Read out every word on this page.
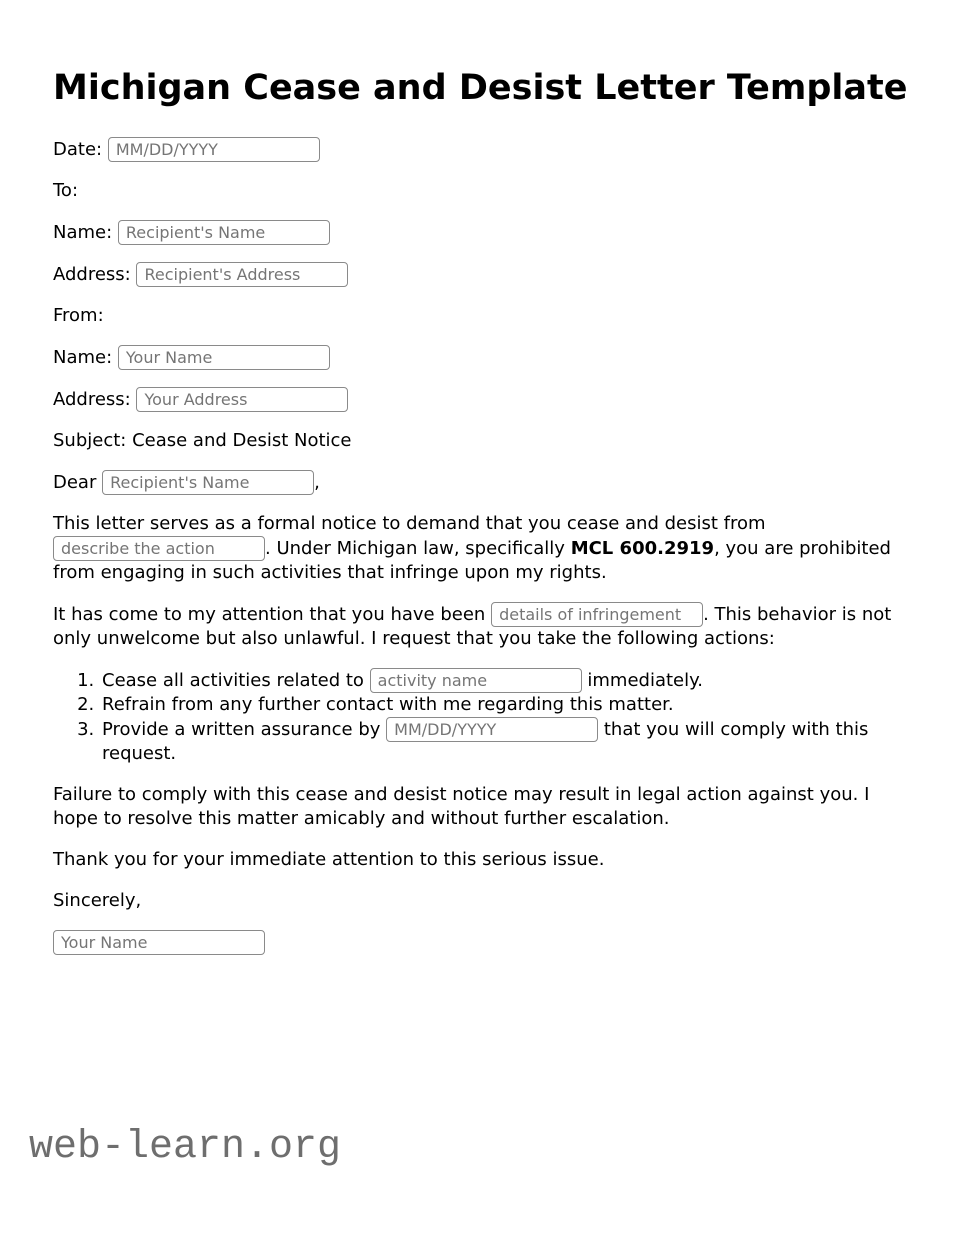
Michigan Cease and Desist Letter Template

Date: MM/DD/YYYY

To:

Name: Recipient's Name

Address: Recipient's Address

From:

Name: Your Name

Address: Your Address

Subject: Cease and Desist Notice

Dear Recipient's Name	,

This letter serves as a formal notice to demand that you cease and desist from describe the action. Under Michigan law, specifically MCL 600.2919, you are prohibited from engaging in such activities that infringe upon my rights.

It has come to my attention that you have been details of infringement	. This behavior is not only unwelcome but also unlawful. I request that you take the following actions:

1. Cease all activities related to activity name	immediately.
2. Refrain from any further contact with me regarding this matter.
3. Provide a written assurance by MM/DD/YYYY	that you will comply with this request.

Failure to comply with this cease and desist notice may result in legal action against you. I hope to resolve this matter amicably and without further escalation.

Thank you for your immediate attention to this serious issue.

Sincerely,

Your Name

web-learn.org
